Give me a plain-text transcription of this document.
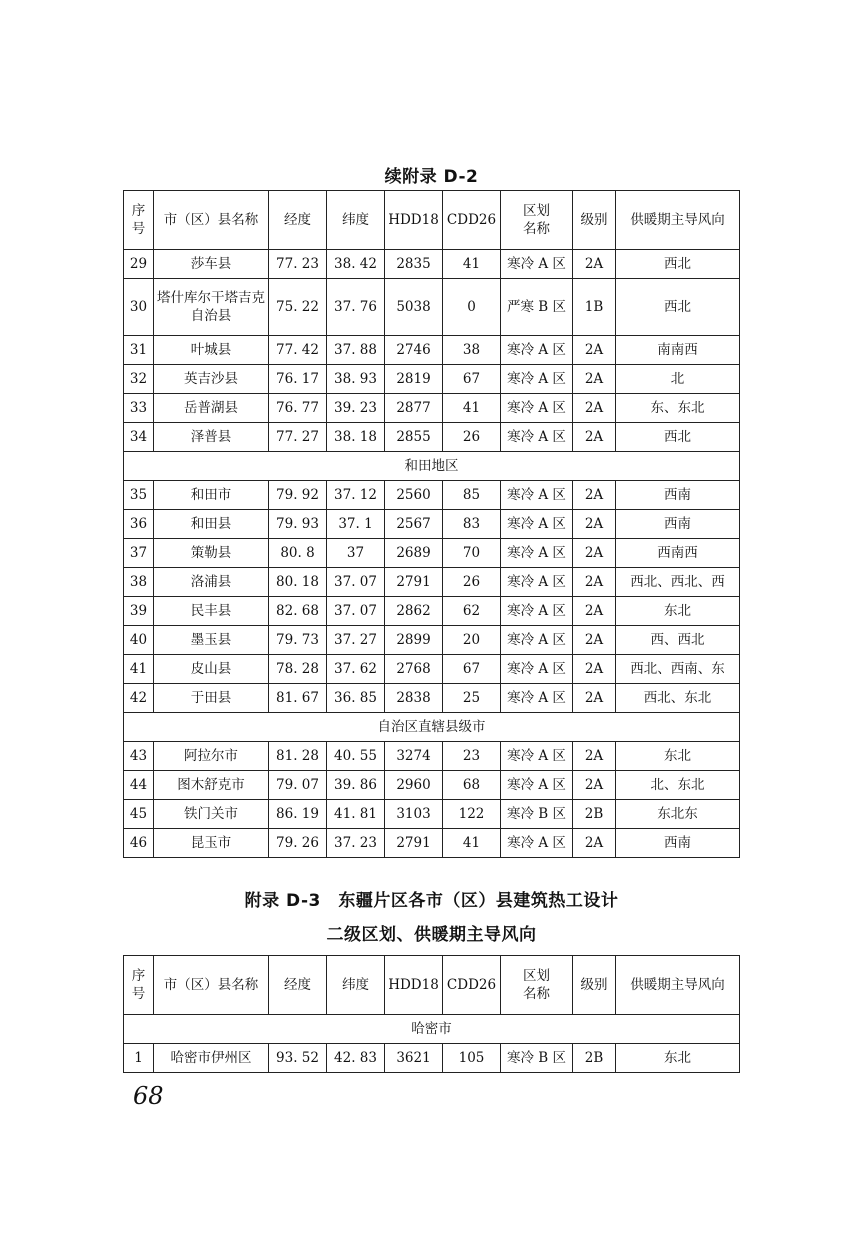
续附录 D-2
序
号	市（区）县名称	经度	纬度	HDD18	CDD26	区划
名称	级别	供暖期主导风向
29	莎车县	77. 23	38. 42	2835	41	寒冷 A 区	2A	西北
30	塔什库尔干塔吉克自治县	75. 22	37. 76	5038	0	严寒 B 区	1B	西北
31	叶城县	77. 42	37. 88	2746	38	寒冷 A 区	2A	南南西
32	英吉沙县	76. 17	38. 93	2819	67	寒冷 A 区	2A	北
33	岳普湖县	76. 77	39. 23	2877	41	寒冷 A 区	2A	东、东北
34	泽普县	77. 27	38. 18	2855	26	寒冷 A 区	2A	西北
和田地区								
35	和田市	79. 92	37. 12	2560	85	寒冷 A 区	2A	西南
36	和田县	79. 93	37. 1	2567	83	寒冷 A 区	2A	西南
37	策勒县	80. 8	37	2689	70	寒冷 A 区	2A	西南西
38	洛浦县	80. 18	37. 07	2791	26	寒冷 A 区	2A	西北、西北、西
39	民丰县	82. 68	37. 07	2862	62	寒冷 A 区	2A	东北
40	墨玉县	79. 73	37. 27	2899	20	寒冷 A 区	2A	西、西北
41	皮山县	78. 28	37. 62	2768	67	寒冷 A 区	2A	西北、西南、东
42	于田县	81. 67	36. 85	2838	25	寒冷 A 区	2A	西北、东北
自治区直辖县级市								
43	阿拉尔市	81. 28	40. 55	3274	23	寒冷 A 区	2A	东北
44	图木舒克市	79. 07	39. 86	2960	68	寒冷 A 区	2A	北、东北
45	铁门关市	86. 19	41. 81	3103	122	寒冷 B 区	2B	东北东
46	昆玉市	79. 26	37. 23	2791	41	寒冷 A 区	2A	西南
附录 D-3　东疆片区各市（区）县建筑热工设计
二级区划、供暖期主导风向
序
号	市（区）县名称	经度	纬度	HDD18	CDD26	区划
名称	级别	供暖期主导风向
哈密市								
1	哈密市伊州区	93. 52	42. 83	3621	105	寒冷 B 区	2B	东北
68
